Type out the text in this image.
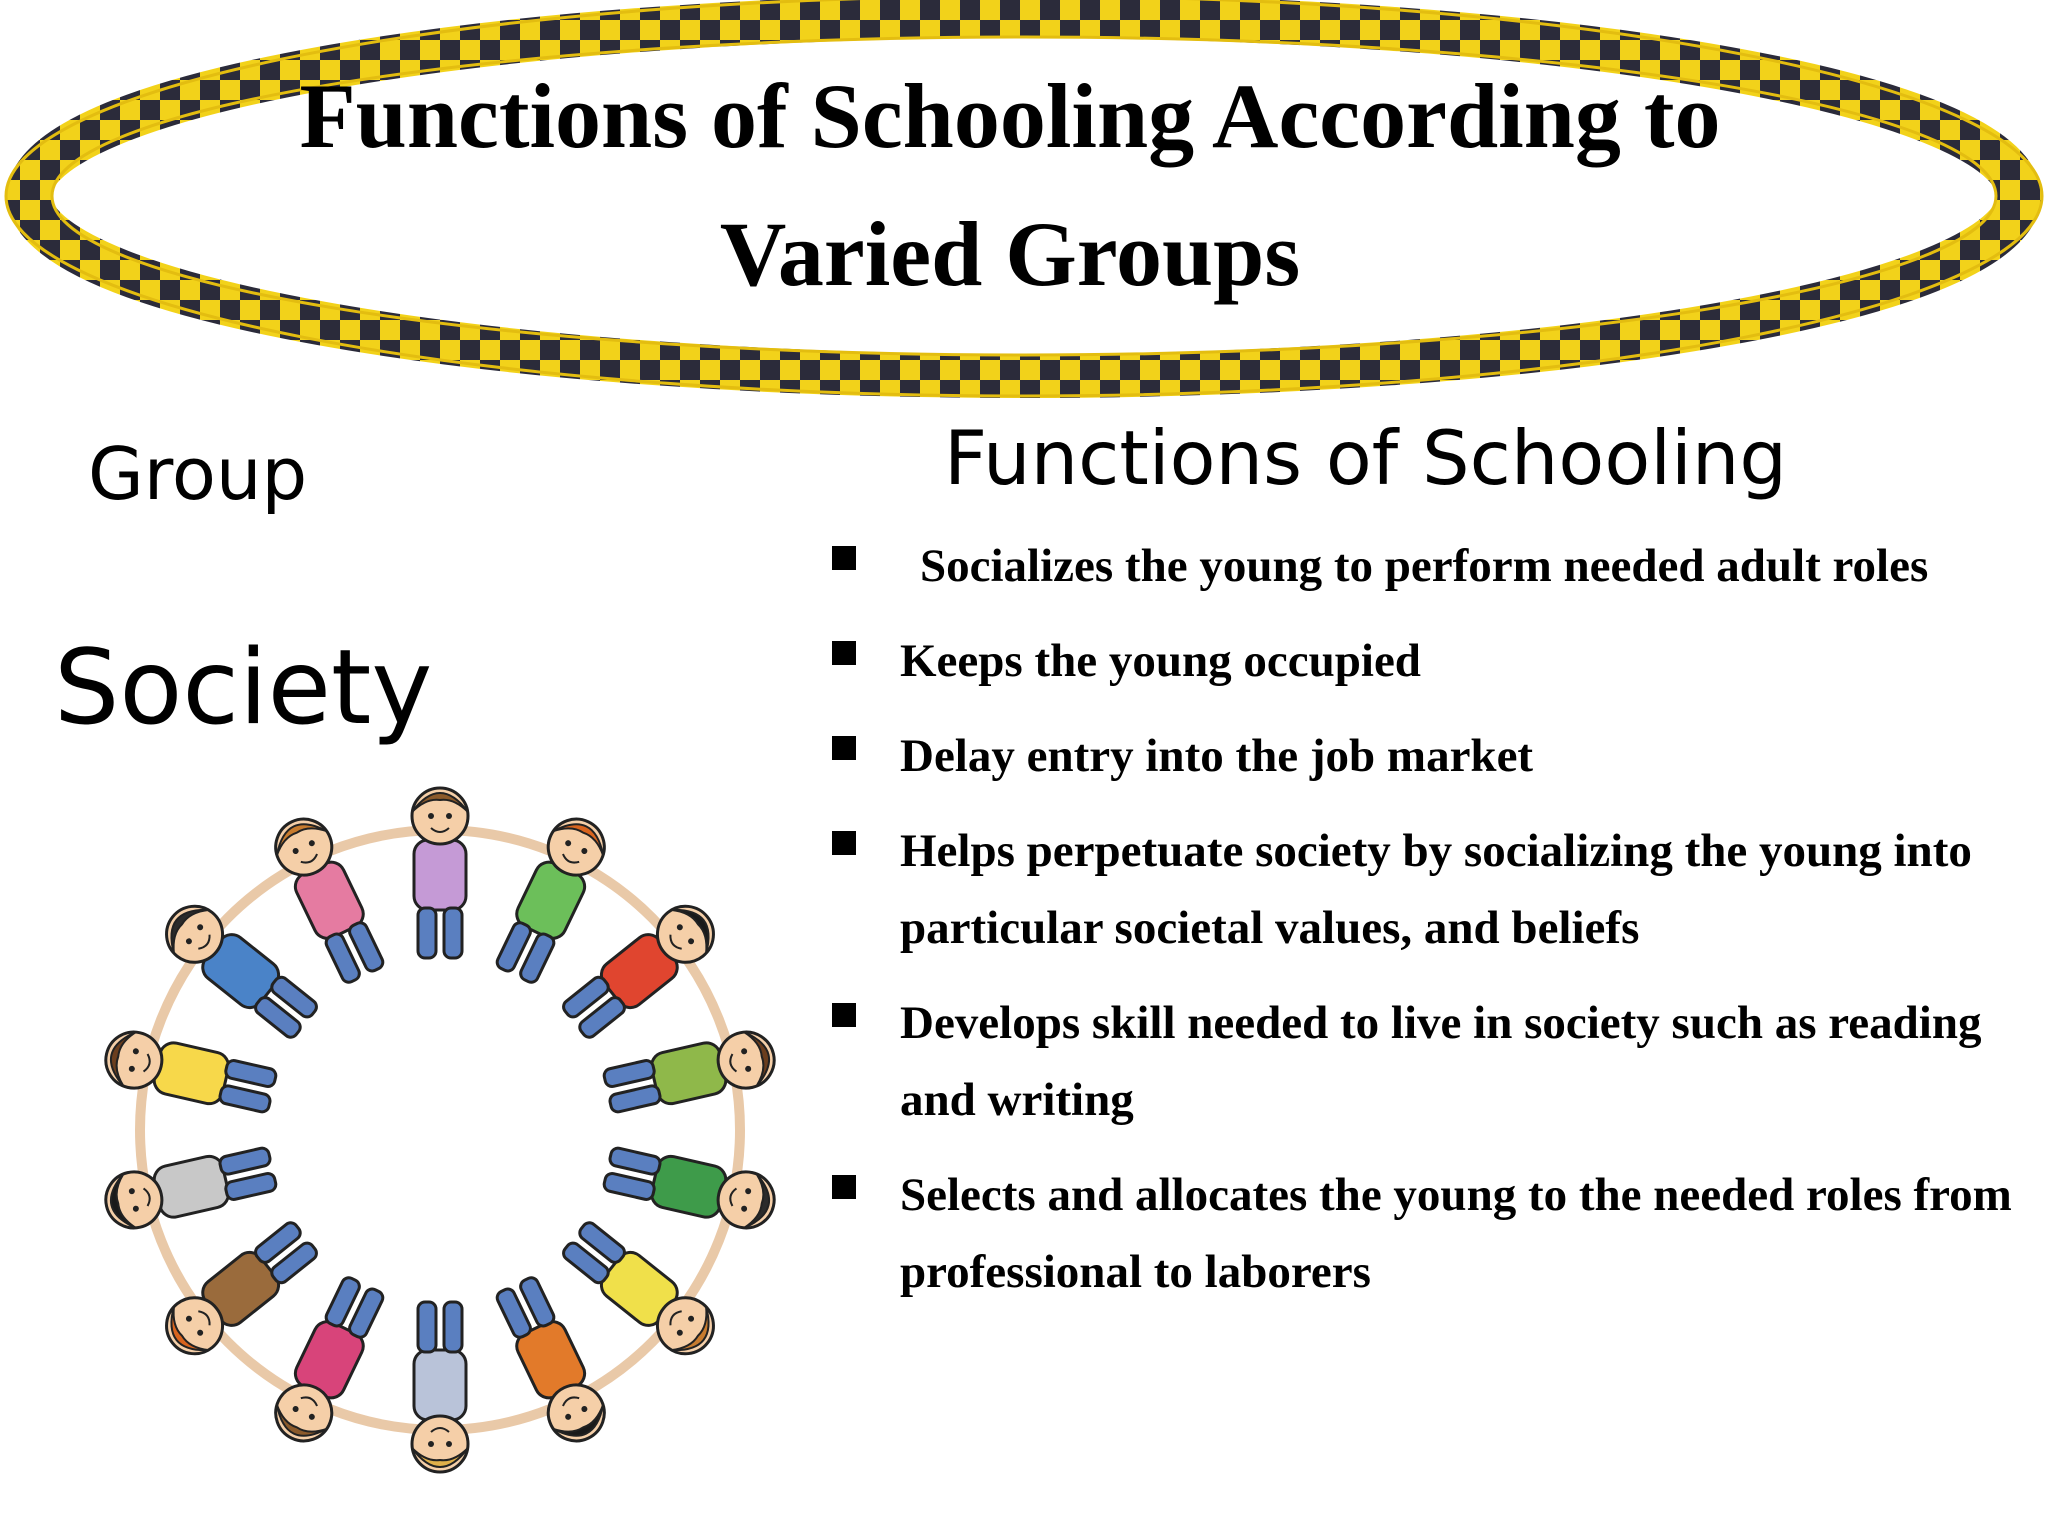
Functions of Schooling According to
Varied Groups
Group	Functions of Schooling
Society
Socializes the young to perform needed adult roles
Keeps the young occupied
Delay entry into the job market
Helps perpetuate society by socializing the young into particular societal values, and beliefs
Develops skill needed to live in society such as reading and writing
Selects and allocates the young to the needed roles from professional to laborers
